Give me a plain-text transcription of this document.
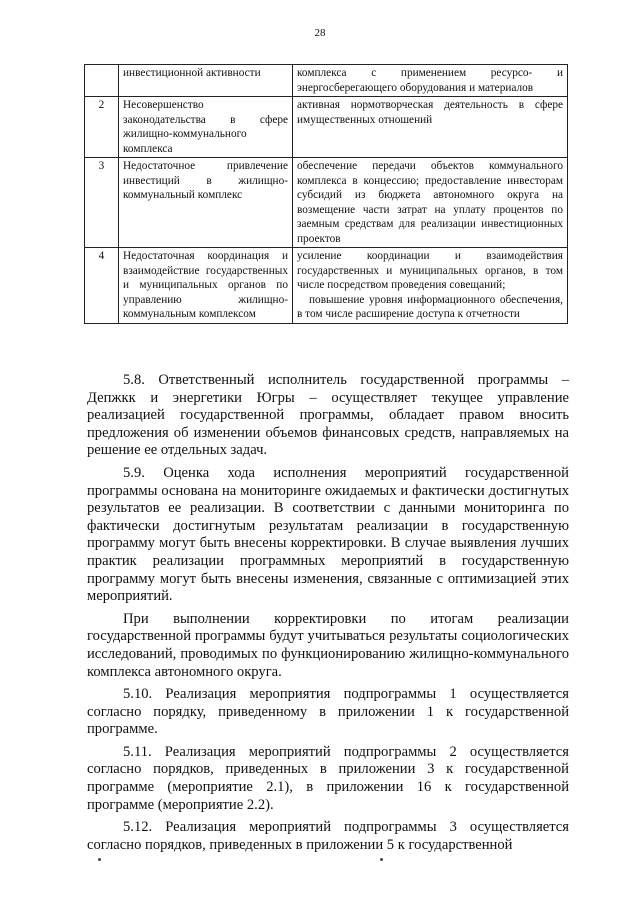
28
	инвестиционной активности	комплекса с применением ресурсо- и энергосберегающего оборудования и материалов

2	Несовершенство законодательства в сфере жилищно-коммунального комплекса	активная нормотворческая деятельность в сфере имущественных отношений

3	Недостаточное привлечение инвестиций в жилищно-коммунальный комплекс	обеспечение передачи объектов коммунального комплекса в концессию; предоставление инвесторам субсидий из бюджета автономного округа на возмещение части затрат на уплату процентов по заемным средствам для реализации инвестиционных проектов

4	Недостаточная координация и взаимодействие государственных и муниципальных органов по управлению жилищно-коммунальным комплексом	усиление координации и взаимодействия государственных и муниципальных органов, в том числе посредством проведения совещаний;
повышение уровня информационного обеспечения, в том числе расширение доступа к отчетности

5.8. Ответственный исполнитель государственной программы – Депжкк и энергетики Югры – осуществляет текущее управление реализацией государственной программы, обладает правом вносить предложения об изменении объемов финансовых средств, направляемых на решение ее отдельных задач.

5.9. Оценка хода исполнения мероприятий государственной программы основана на мониторинге ожидаемых и фактически достигнутых результатов ее реализации. В соответствии с данными мониторинга по фактически достигнутым результатам реализации в государственную программу могут быть внесены корректировки. В случае выявления лучших практик реализации программных мероприятий в государственную программу могут быть внесены изменения, связанные с оптимизацией этих мероприятий.

При выполнении корректировки по итогам реализации государственной программы будут учитываться результаты социологических исследований, проводимых по функционированию жилищно-коммунального комплекса автономного округа.

5.10. Реализация мероприятия подпрограммы 1 осуществляется согласно порядку, приведенному в приложении 1 к государственной программе.

5.11. Реализация мероприятий подпрограммы 2 осуществляется согласно порядков, приведенных в приложении 3 к государственной программе (мероприятие 2.1), в приложении 16 к государственной программе (мероприятие 2.2).

5.12. Реализация мероприятий подпрограммы 3 осуществляется согласно порядков, приведенных в приложении 5 к государственной
